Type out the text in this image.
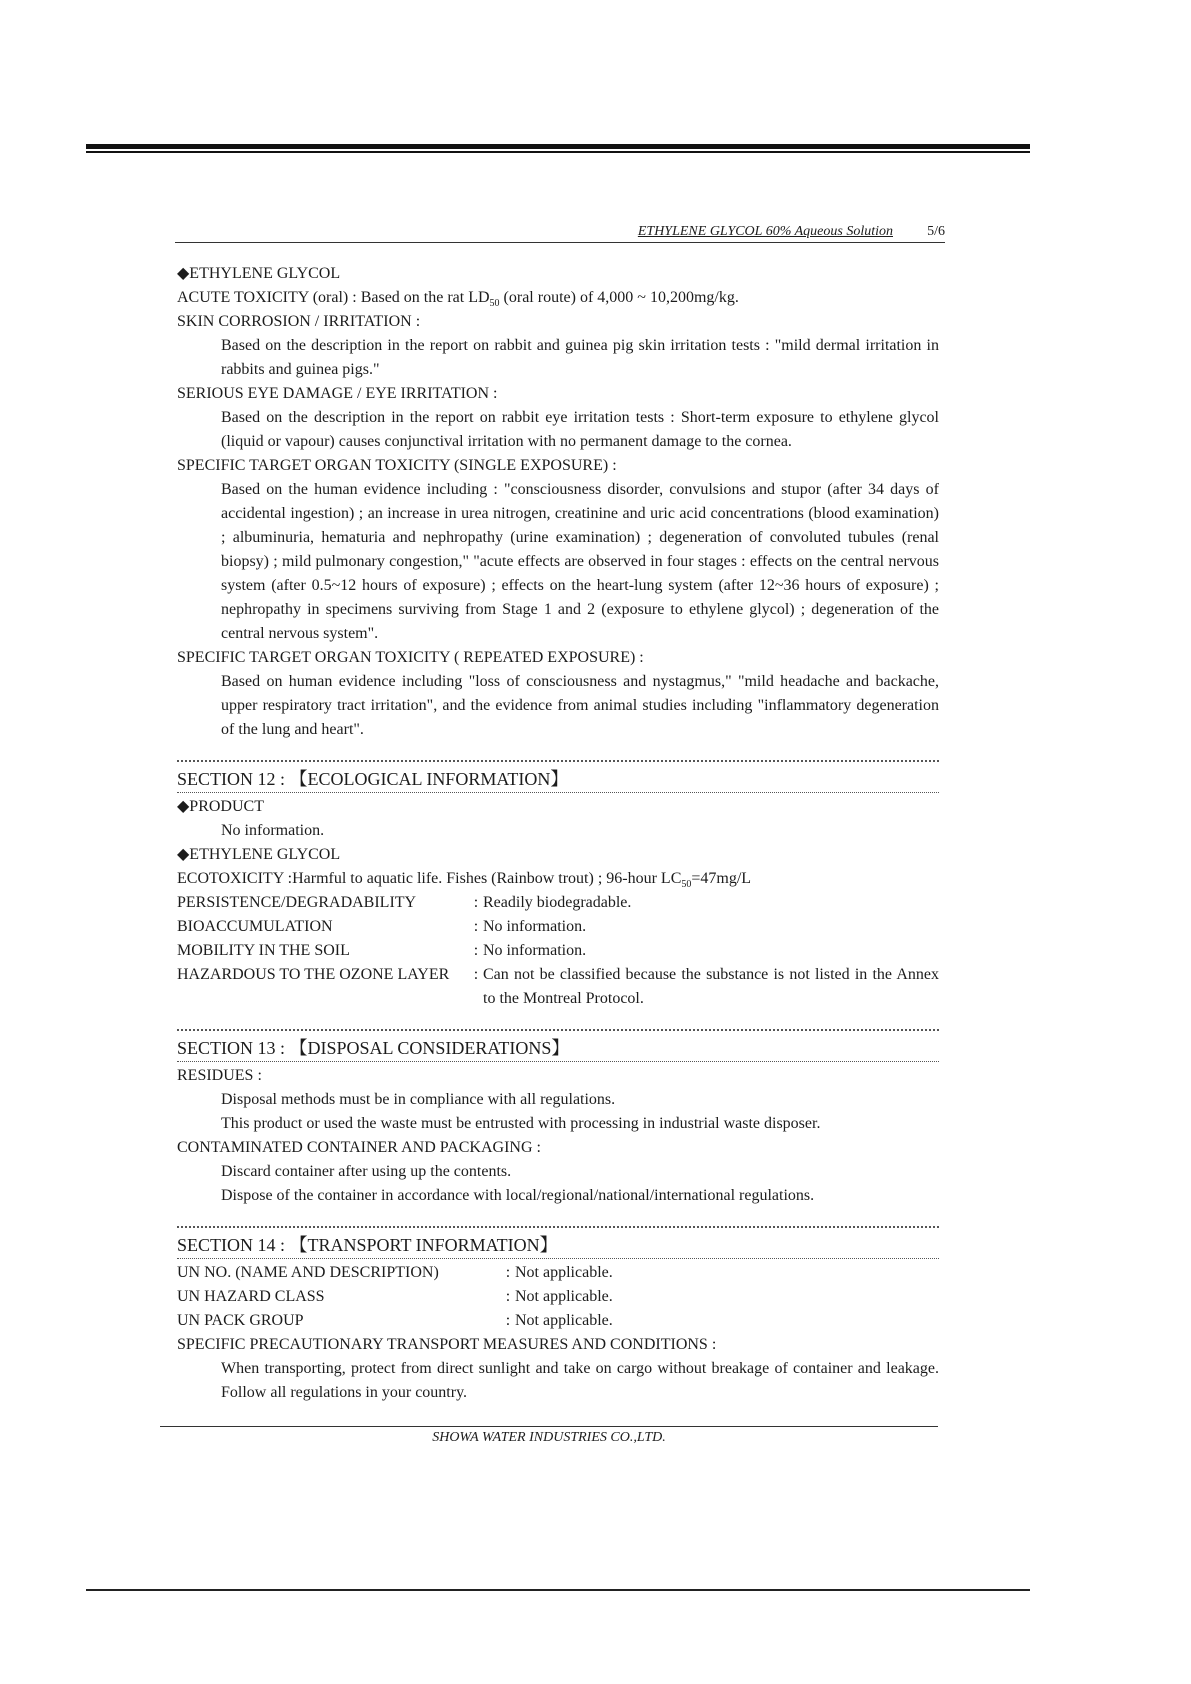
ETHYLENE GLYCOL 60% Aqueous Solution 5/6
◆ETHYLENE GLYCOL
ACUTE TOXICITY (oral) : Based on the rat $LD_{50}$ (oral route) of 4,000 ~ 10,200mg/kg.
SKIN CORROSION / IRRITATION :
Based on the description in the report on rabbit and guinea pig skin irritation tests : "mild dermal irritation in rabbits and guinea pigs."
SERIOUS EYE DAMAGE / EYE IRRITATION :
Based on the description in the report on rabbit eye irritation tests : Short-term exposure to ethylene glycol (liquid or vapour) causes conjunctival irritation with no permanent damage to the cornea.
SPECIFIC TARGET ORGAN TOXICITY (SINGLE EXPOSURE) :
Based on the human evidence including : "consciousness disorder, convulsions and stupor (after 34 days of accidental ingestion) ; an increase in urea nitrogen, creatinine and uric acid concentrations (blood examination) ; albuminuria, hematuria and nephropathy (urine examination) ; degeneration of convoluted tubules (renal biopsy) ; mild pulmonary congestion," "acute effects are observed in four stages : effects on the central nervous system (after 0.5~12 hours of exposure) ; effects on the heart-lung system (after 12~36 hours of exposure) ; nephropathy in specimens surviving from Stage 1 and 2 (exposure to ethylene glycol) ; degeneration of the central nervous system".
SPECIFIC TARGET ORGAN TOXICITY ( REPEATED EXPOSURE) :
Based on human evidence including "loss of consciousness and nystagmus," "mild headache and backache, upper respiratory tract irritation", and the evidence from animal studies including "inflammatory degeneration of the lung and heart".
SECTION 12 : 【ECOLOGICAL INFORMATION】
◆PRODUCT
No information.
◆ETHYLENE GLYCOL
ECOTOXICITY :Harmful to aquatic life. Fishes (Rainbow trout) ; 96-hour $LC_{50}=47mg/L$
PERSISTENCE/DEGRADABILITY	: Readily biodegradable.
BIOACCUMULATION	: No information.
MOBILITY IN THE SOIL	: No information.
HAZARDOUS TO THE OZONE LAYER	: Can not be classified because the substance is not listed in the Annex to the Montreal Protocol.
SECTION 13 : 【DISPOSAL CONSIDERATIONS】
RESIDUES :
Disposal methods must be in compliance with all regulations.
This product or used the waste must be entrusted with processing in industrial waste disposer.
CONTAMINATED CONTAINER AND PACKAGING :
Discard container after using up the contents.
Dispose of the container in accordance with local/regional/national/international regulations.
SECTION 14 : 【TRANSPORT INFORMATION】
UN NO. (NAME AND DESCRIPTION)	: Not applicable.
UN HAZARD CLASS	: Not applicable.
UN PACK GROUP	: Not applicable.
SPECIFIC PRECAUTIONARY TRANSPORT MEASURES AND CONDITIONS :
When transporting, protect from direct sunlight and take on cargo without breakage of container and leakage. Follow all regulations in your country.
SHOWA WATER INDUSTRIES CO.,LTD.
